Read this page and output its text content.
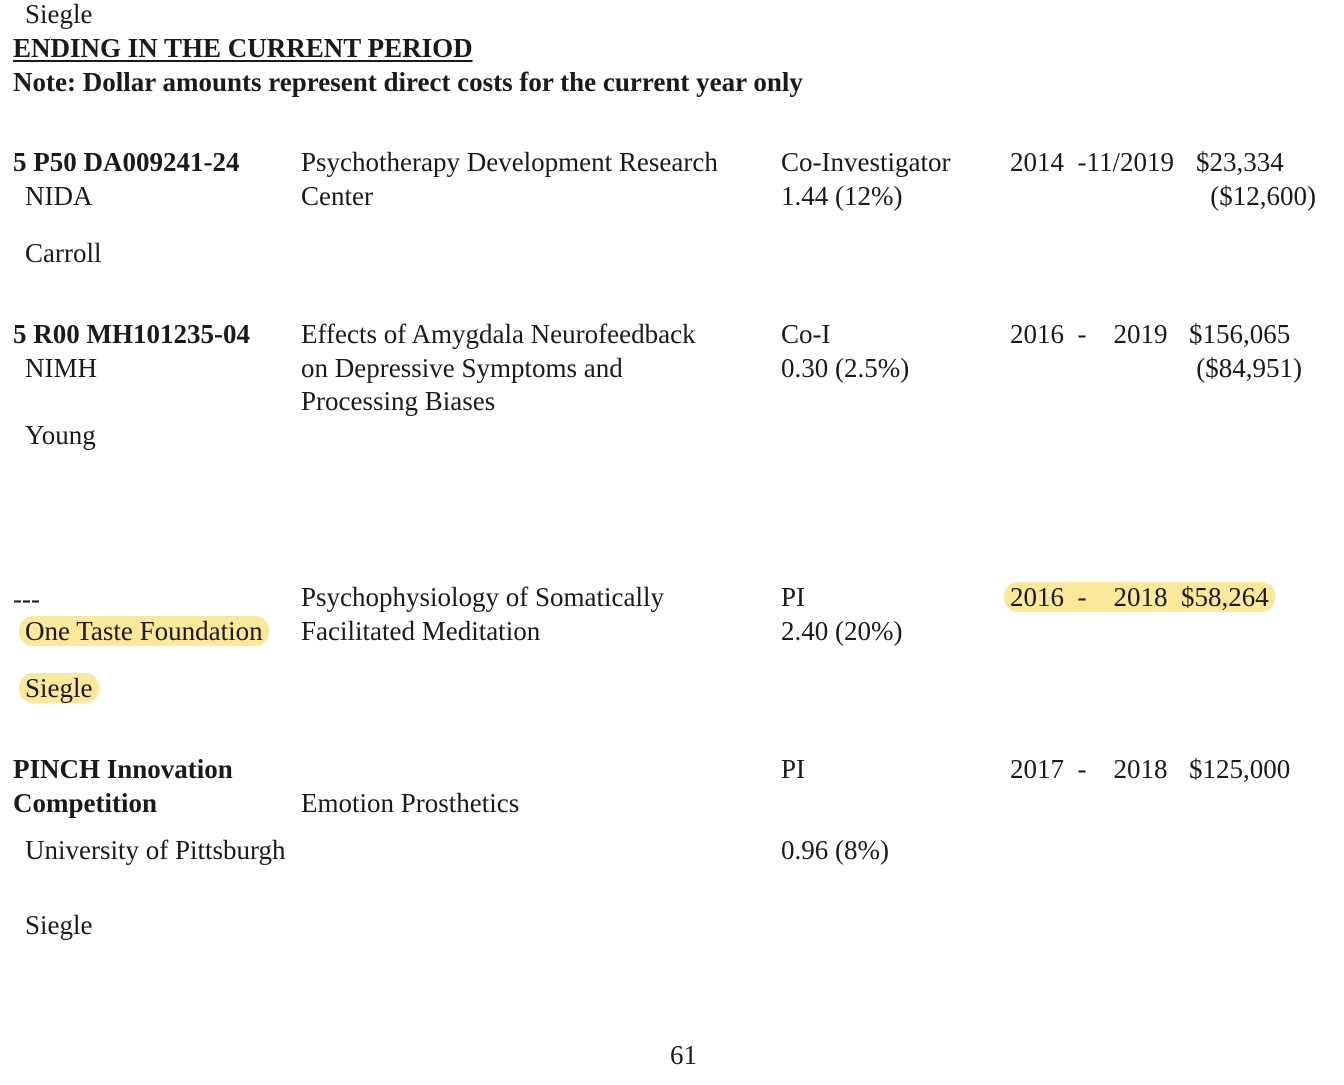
Siegle
ENDING IN THE CURRENT PERIOD
Note: Dollar amounts represent direct costs for the current year only
5 P50 DA009241-24
NIDA
Carroll
Psychotherapy Development Research
Center
Co-Investigator
1.44 (12%)
2014  -11/2019 $23,334
($12,600)
5 R00 MH101235-04
NIMH
Young
Effects of Amygdala Neurofeedback
on Depressive Symptoms and
Processing Biases
Co-I
0.30 (2.5%)
2016  -    2019 $156,065
($84,951)
---
One Taste Foundation
Siegle
Psychophysiology of Somatically
Facilitated Meditation
PI
2.40 (20%)
2016  -    2018  $58,264
PINCH Innovation
Competition
University of Pittsburgh
Siegle
Emotion Prosthetics
PI
0.96 (8%)
2017  -    2018 $125,000
61
